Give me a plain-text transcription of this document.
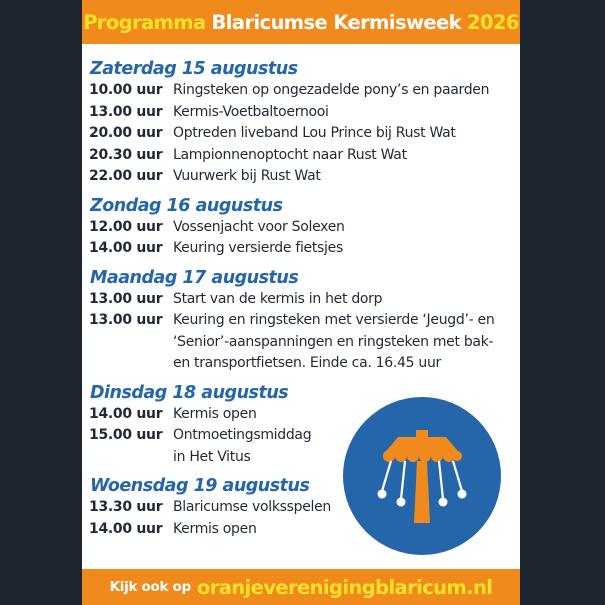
Programma Blaricumse Kermisweek 2026
Zaterdag 15 augustus
10.00 uur Ringsteken op ongezadelde pony’s en paarden
13.00 uur Kermis-Voetbaltoernooi
20.00 uur Optreden liveband Lou Prince bij Rust Wat
20.30 uur Lampionnenoptocht naar Rust Wat
22.00 uur Vuurwerk bij Rust Wat
Zondag 16 augustus
12.00 uur Vossenjacht voor Solexen
14.00 uur Keuring versierde fietsjes
Maandag 17 augustus
13.00 uur Start van de kermis in het dorp
13.00 uur Keuring en ringsteken met versierde ‘Jeugd’- en ‘Senior’-aanspanningen en ringsteken met bak- en transportfietsen. Einde ca. 16.45 uur
Dinsdag 18 augustus
14.00 uur Kermis open
15.00 uur Ontmoetingsmiddag in Het Vitus
Woensdag 19 augustus
13.30 uur Blaricumse volksspelen
14.00 uur Kermis open
Kijk ook op oranjeverenigingblaricum.nl
